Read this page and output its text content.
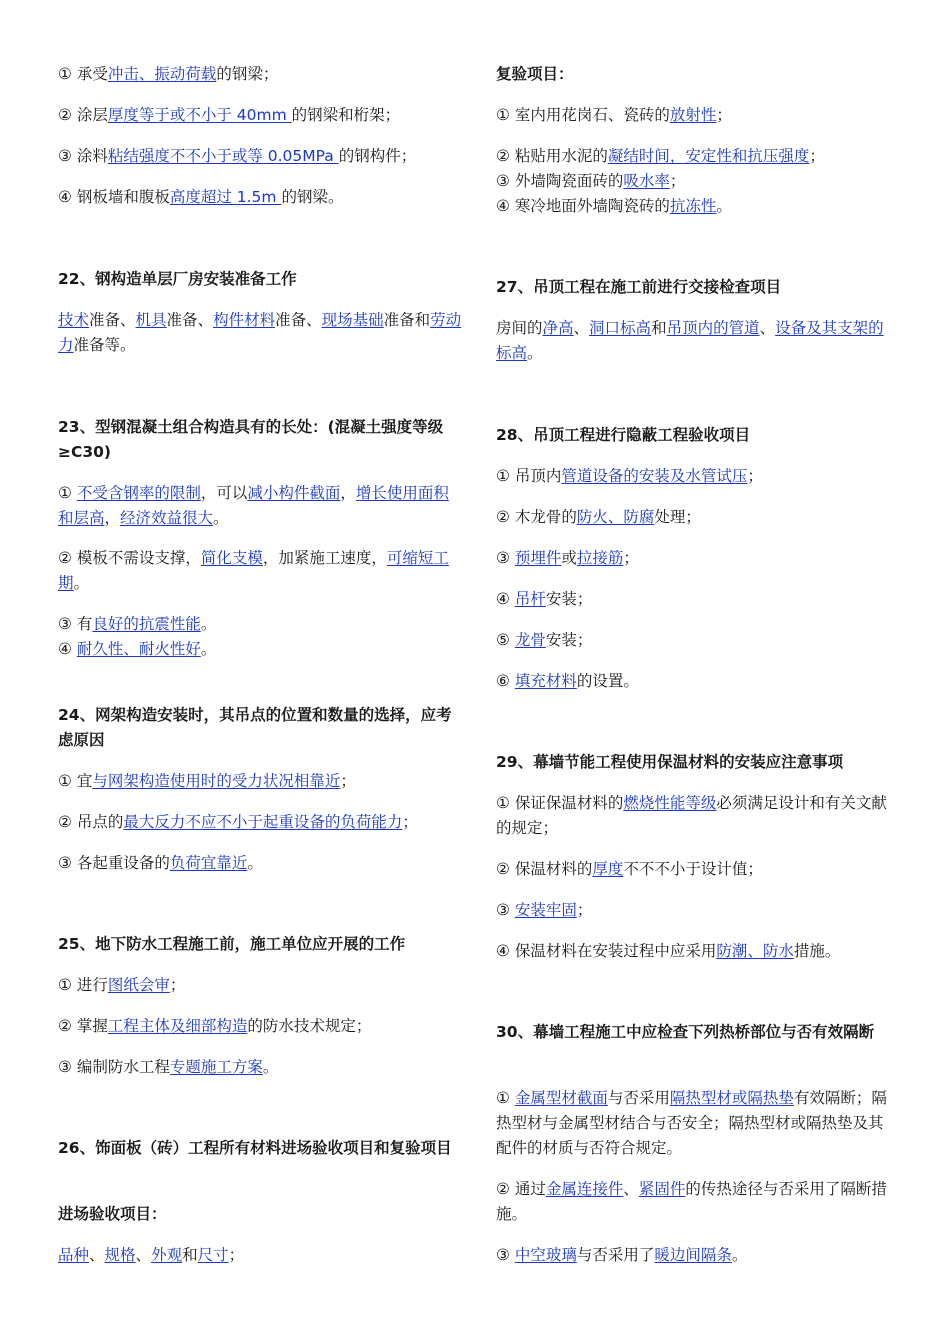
① 承受冲击、振动荷载的钢梁；

② 涂层厚度等于或不小于 40mm 的钢梁和桁架；

③ 涂料粘结强度不不小于或等 0.05MPa 的钢构件；

④ 钢板墙和腹板高度超过 1.5m 的钢梁。

22、钢构造单层厂房安装准备工作

技术准备、机具准备、构件材料准备、现场基础准备和劳动力准备等。

23、型钢混凝土组合构造具有的长处：(混凝土强度等级≥C30)

① 不受含钢率的限制，可以减小构件截面，增长使用面积和层高，经济效益很大。

② 模板不需设支撑，简化支模，加紧施工速度，可缩短工期。

③ 有良好的抗震性能。

④ 耐久性、耐火性好。

24、网架构造安装时，其吊点的位置和数量的选择，应考虑原因

① 宜与网架构造使用时的受力状况相靠近；

② 吊点的最大反力不应不小于起重设备的负荷能力；

③ 各起重设备的负荷宜靠近。

25、地下防水工程施工前，施工单位应开展的工作

① 进行图纸会审；

② 掌握工程主体及细部构造的防水技术规定；

③ 编制防水工程专题施工方案。

26、饰面板（砖）工程所有材料进场验收项目和复验项目

进场验收项目：

品种、规格、外观和尺寸；

复验项目：

① 室内用花岗石、瓷砖的放射性；

② 粘贴用水泥的凝结时间，安定性和抗压强度；

③ 外墙陶瓷面砖的吸水率；

④ 寒冷地面外墙陶瓷砖的抗冻性。

27、吊顶工程在施工前进行交接检查项目

房间的净高、洞口标高和吊顶内的管道、设备及其支架的标高。

28、吊顶工程进行隐蔽工程验收项目

① 吊顶内管道设备的安装及水管试压；

② 木龙骨的防火、防腐处理；

③ 预埋件或拉接筋；

④ 吊杆安装；

⑤ 龙骨安装；

⑥ 填充材料的设置。

29、幕墙节能工程使用保温材料的安装应注意事项

① 保证保温材料的燃烧性能等级必须满足设计和有关文献的规定；

② 保温材料的厚度不不不小于设计值；

③ 安装牢固；

④ 保温材料在安装过程中应采用防潮、防水措施。

30、幕墙工程施工中应检查下列热桥部位与否有效隔断

① 金属型材截面与否采用隔热型材或隔热垫有效隔断；隔热型材与金属型材结合与否安全；隔热型材或隔热垫及其配件的材质与否符合规定。

② 通过金属连接件、紧固件的传热途径与否采用了隔断措施。

③ 中空玻璃与否采用了暖边间隔条。
